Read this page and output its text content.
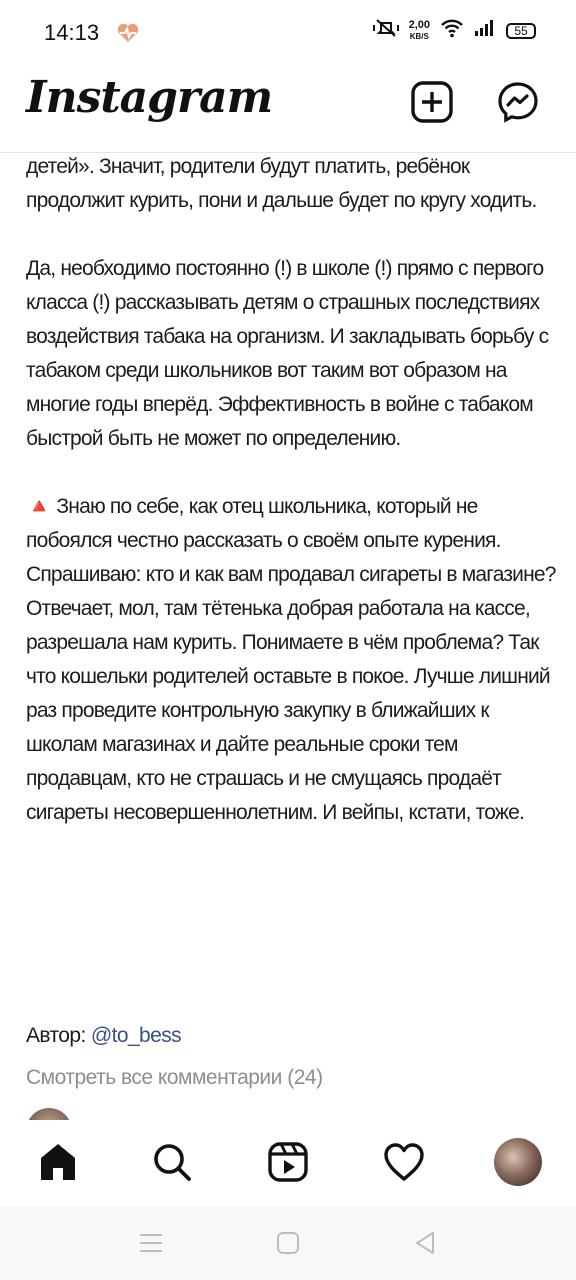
14:13	2,00
KB/S	55
Instagram
детей». Значит, родители будут платить, ребёнок продолжит курить, пони и дальше будет по кругу ходить.

Да, необходимо постоянно (!) в школе (!) прямо с первого класса (!) рассказывать детям о страшных последствиях воздействия табака на организм. И закладывать борьбу с табаком среди школьников вот таким вот образом на многие годы вперёд. Эффективность в войне с табаком быстрой быть не может по определению.

🔺 Знаю по себе, как отец школьника, который не побоялся честно рассказать о своём опыте курения. Спрашиваю: кто и как вам продавал сигареты в магазине? Отвечает, мол, там тётенька добрая работала на кассе, разрешала нам курить. Понимаете в чём проблема? Так что кошельки родителей оставьте в покое. Лучше лишний раз проведите контрольную закупку в ближайших к школам магазинах и дайте реальные сроки тем продавцам, кто не страшась и не смущаясь продаёт сигареты несовершеннолетним. И вейпы, кстати, тоже.
Автор: @to_bess
Смотреть все комментарии (24)
